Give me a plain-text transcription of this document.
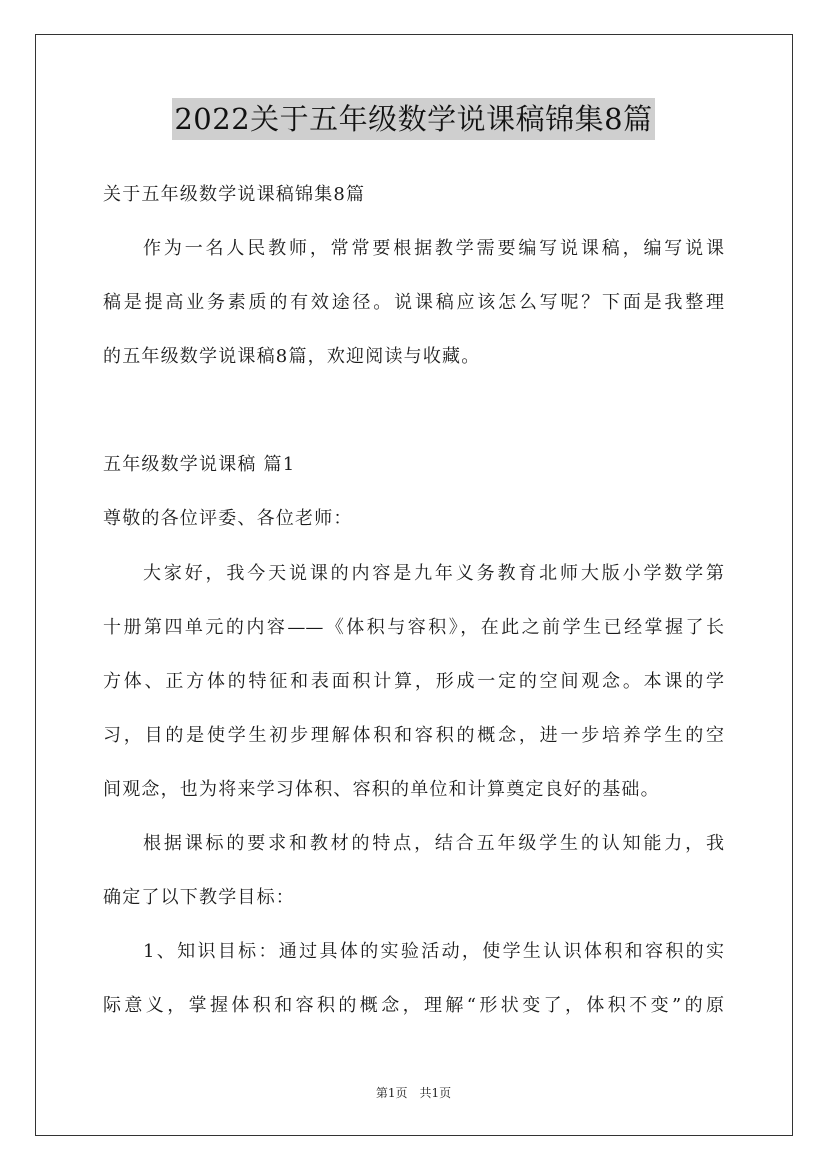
2022关于五年级数学说课稿锦集8篇
关于五年级数学说课稿锦集8篇
作为一名人民教师，常常要根据教学需要编写说课稿，编写说课
稿是提高业务素质的有效途径。说课稿应该怎么写呢？下面是我整理
的五年级数学说课稿8篇，欢迎阅读与收藏。
五年级数学说课稿 篇1
尊敬的各位评委、各位老师：
大家好，我今天说课的内容是九年义务教育北师大版小学数学第
十册第四单元的内容——《体积与容积》，在此之前学生已经掌握了长
方体、正方体的特征和表面积计算，形成一定的空间观念。本课的学
习，目的是使学生初步理解体积和容积的概念，进一步培养学生的空
间观念，也为将来学习体积、容积的单位和计算奠定良好的基础。
根据课标的要求和教材的特点，结合五年级学生的认知能力，我
确定了以下教学目标：
1、知识目标：通过具体的实验活动，使学生认识体积和容积的实
际意义，掌握体积和容积的概念，理解“形状变了，体积不变”的原
第1页　共1页
